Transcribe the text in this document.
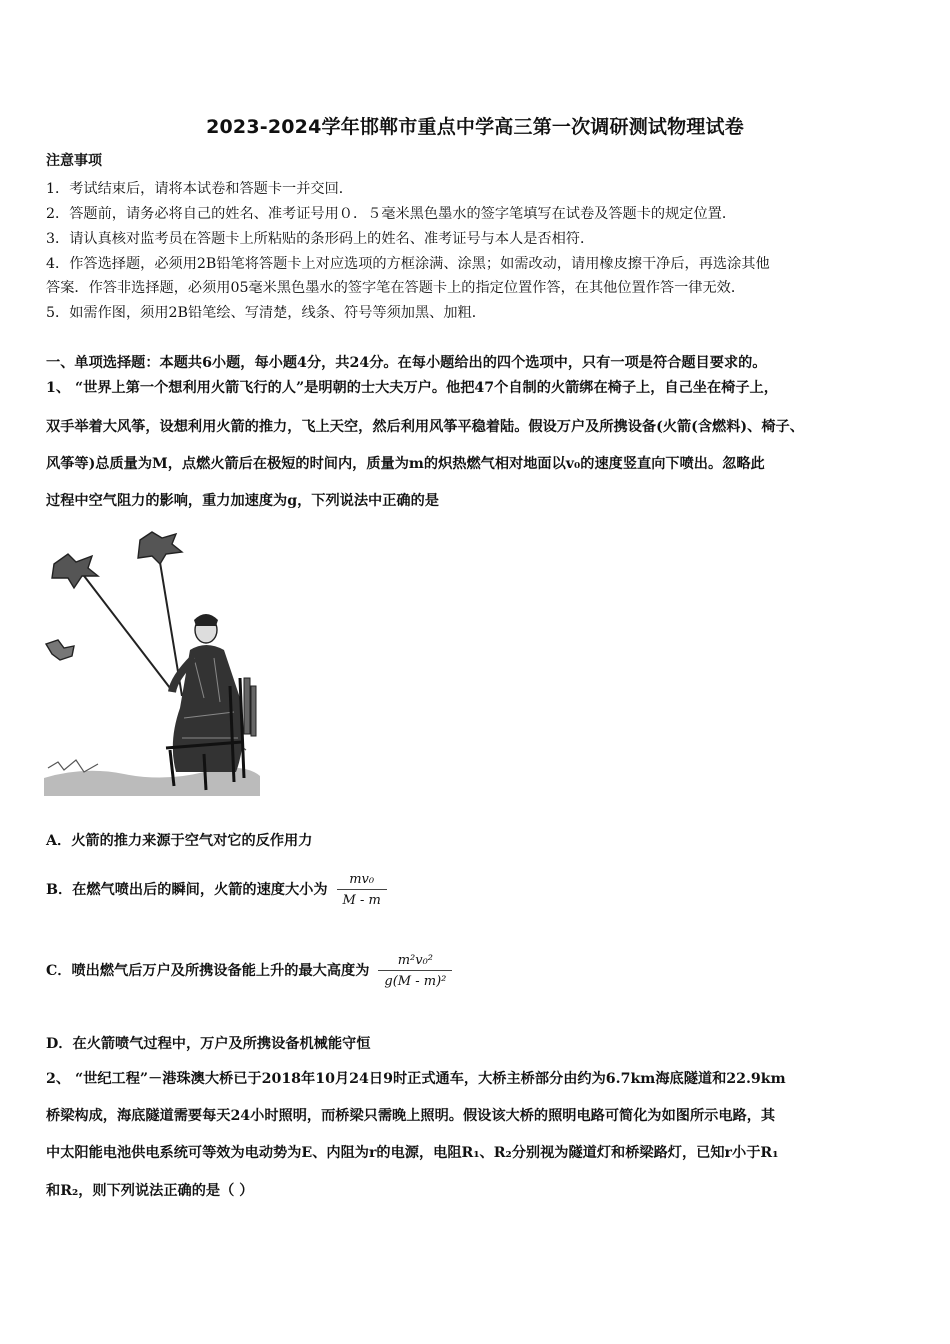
2023-2024学年邯郸市重点中学高三第一次调研测试物理试卷
注意事项
1．考试结束后，请将本试卷和答题卡一并交回．
2．答题前，请务必将自己的姓名、准考证号用０．５毫米黑色墨水的签字笔填写在试卷及答题卡的规定位置．
3．请认真核对监考员在答题卡上所粘贴的条形码上的姓名、准考证号与本人是否相符．
4．作答选择题，必须用2B铅笔将答题卡上对应选项的方框涂满、涂黑；如需改动，请用橡皮擦干净后，再选涂其他
答案．作答非选择题，必须用05毫米黑色墨水的签字笔在答题卡上的指定位置作答，在其他位置作答一律无效．
5．如需作图，须用2B铅笔绘、写清楚，线条、符号等须加黑、加粗．
一、单项选择题：本题共6小题，每小题4分，共24分。在每小题给出的四个选项中，只有一项是符合题目要求的。
1、 “世界上第一个想利用火箭飞行的人”是明朝的士大夫万户。他把47个自制的火箭绑在椅子上，自己坐在椅子上，
双手举着大风筝，设想利用火箭的推力，飞上天空，然后利用风筝平稳着陆。假设万户及所携设备(火箭(含燃料)、椅子、
风筝等)总质量为M，点燃火箭后在极短的时间内，质量为m的炽热燃气相对地面以v₀的速度竖直向下喷出。忽略此
过程中空气阻力的影响，重力加速度为g，下列说法中正确的是
A．火箭的推力来源于空气对它的反作用力
B．在燃气喷出后的瞬间，火箭的速度大小为 $\frac{\text{mv₀}}{M - m}$
C．喷出燃气后万户及所携设备能上升的最大高度为 $\frac{\text{m²v₀²}}{\text{g(M - m)²}}$
D．在火箭喷气过程中，万户及所携设备机械能守恒
2、 “世纪工程”－港珠澳大桥已于2018年10月24日9时正式通车，大桥主桥部分由约为6.7km海底隧道和22.9km
桥梁构成，海底隧道需要每天24小时照明，而桥梁只需晚上照明。假设该大桥的照明电路可简化为如图所示电路，其
中太阳能电池供电系统可等效为电动势为E、内阻为r的电源，电阻R₁、R₂分别视为隧道灯和桥梁路灯，已知r小于R₁
和R₂，则下列说法正确的是（ ）
